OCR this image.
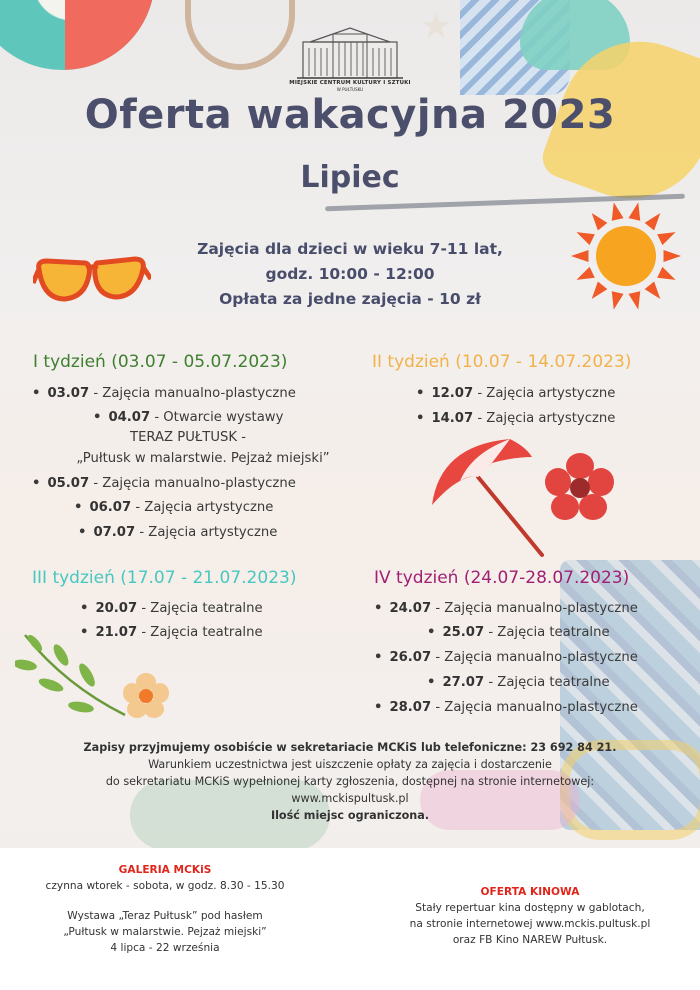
★
MIEJSKIE CENTRUM KULTURY I SZTUKI
W PUŁTUSKU
Oferta wakacyjna 2023
Lipiec
Zajęcia dla dzieci w wieku 7-11 lat,
godz. 10:00 - 12:00
Opłata za jedne zajęcia - 10 zł
I tydzień (03.07 - 05.07.2023)	II tydzień (10.07 - 14.07.2023)
III tydzień (17.07 - 21.07.2023)	IV tydzień (24.07-28.07.2023)
• 03.07 - Zajęcia manualno-plastyczne
• 04.07 - Otwarcie wystawy
TERAZ PUŁTUSK -
„Pułtusk w malarstwie. Pejzaż miejski”
• 05.07 - Zajęcia manualno-plastyczne
• 06.07 - Zajęcia artystyczne
• 07.07 - Zajęcia artystyczne
• 12.07 - Zajęcia artystyczne
• 14.07 - Zajęcia artystyczne
• 20.07 - Zajęcia teatralne
• 21.07 - Zajęcia teatralne
• 24.07 - Zajęcia manualno-plastyczne
• 25.07 - Zajęcia teatralne
• 26.07 - Zajęcia manualno-plastyczne
• 27.07 - Zajęcia teatralne
• 28.07 - Zajęcia manualno-plastyczne
Zapisy przyjmujemy osobiście w sekretariacie MCKiS lub telefoniczne: 23 692 84 21.
Warunkiem uczestnictwa jest uiszczenie opłaty za zajęcia i dostarczenie
do sekretariatu MCKiS wypełnionej karty zgłoszenia, dostępnej na stronie internetowej:
www.mckispultusk.pl
Ilość miejsc ograniczona.
GALERIA MCKiS
czynna wtorek - sobota, w godz. 8.30 - 15.30
Wystawa „Teraz Pułtusk” pod hasłem
„Pułtusk w malarstwie. Pejzaż miejski”
4 lipca - 22 września
OFERTA KINOWA
Stały repertuar kina dostępny w gablotach,
na stronie internetowej www.mckis.pultusk.pl
oraz FB Kino NAREW Pułtusk.
